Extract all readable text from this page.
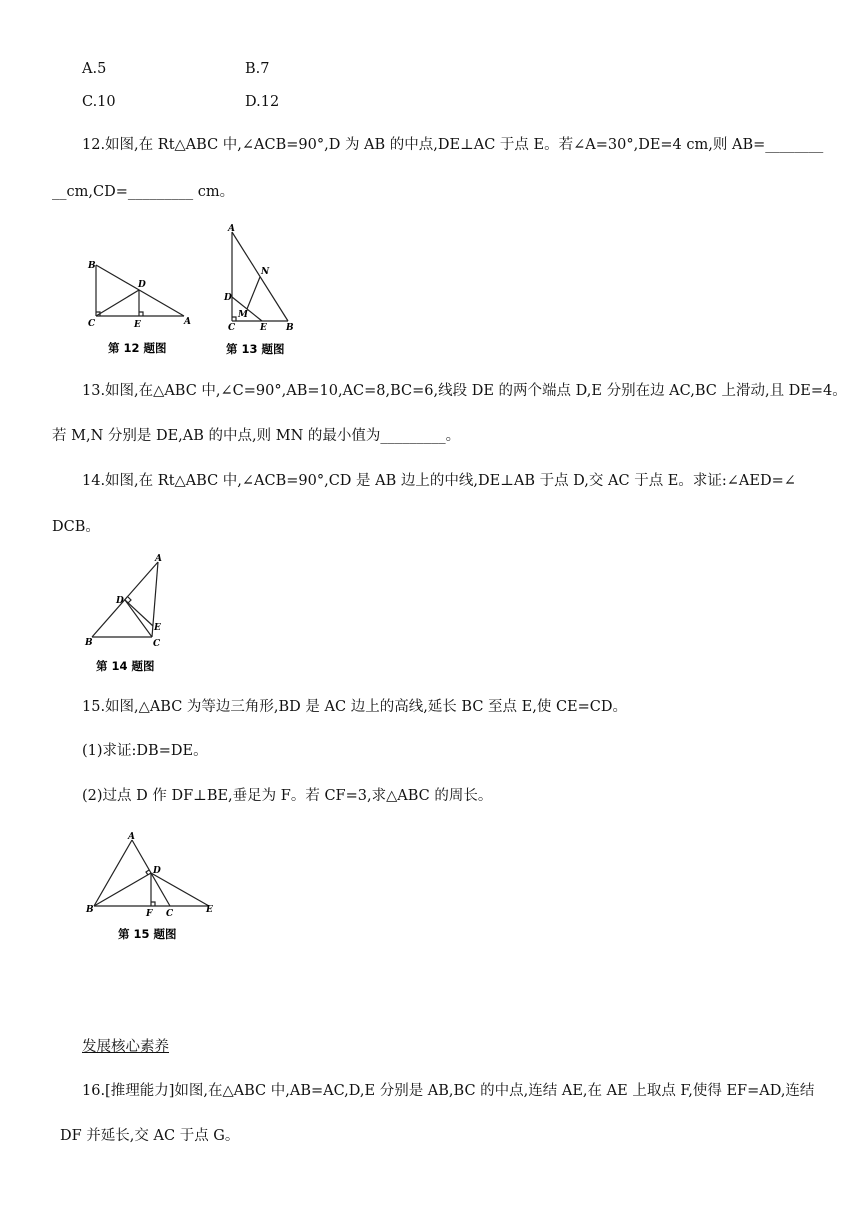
A.5	B.7
C.10	D.12
12.如图,在 Rt△ABC 中,∠ACB=90°,D 为 AB 的中点,DE⊥AC 于点 E。若∠A=30°,DE=4 cm,则 AB=________
__cm,CD=_________ cm。
B
D
C	E	A
第 12 题图
A
N
D
M
C	E B
第 13 题图
13.如图,在△ABC 中,∠C=90°,AB=10,AC=8,BC=6,线段 DE 的两个端点 D,E 分别在边 AC,BC 上滑动,且 DE=4。
若 M,N 分别是 DE,AB 的中点,则 MN 的最小值为_________。
14.如图,在 Rt△ABC 中,∠ACB=90°,CD 是 AB 边上的中线,DE⊥AB 于点 D,交 AC 于点 E。求证:∠AED=∠
DCB。
A
D
E
B	C
第 14 题图
15.如图,△ABC 为等边三角形,BD 是 AC 边上的高线,延长 BC 至点 E,使 CE=CD。
(1)求证:DB=DE。
(2)过点 D 作 DF⊥BE,垂足为 F。若 CF=3,求△ABC 的周长。
A
D
B	F C	E
第 15 题图
发展核心素养
16.[推理能力]如图,在△ABC 中,AB=AC,D,E 分别是 AB,BC 的中点,连结 AE,在 AE 上取点 F,使得 EF=AD,连结
DF 并延长,交 AC 于点 G。
